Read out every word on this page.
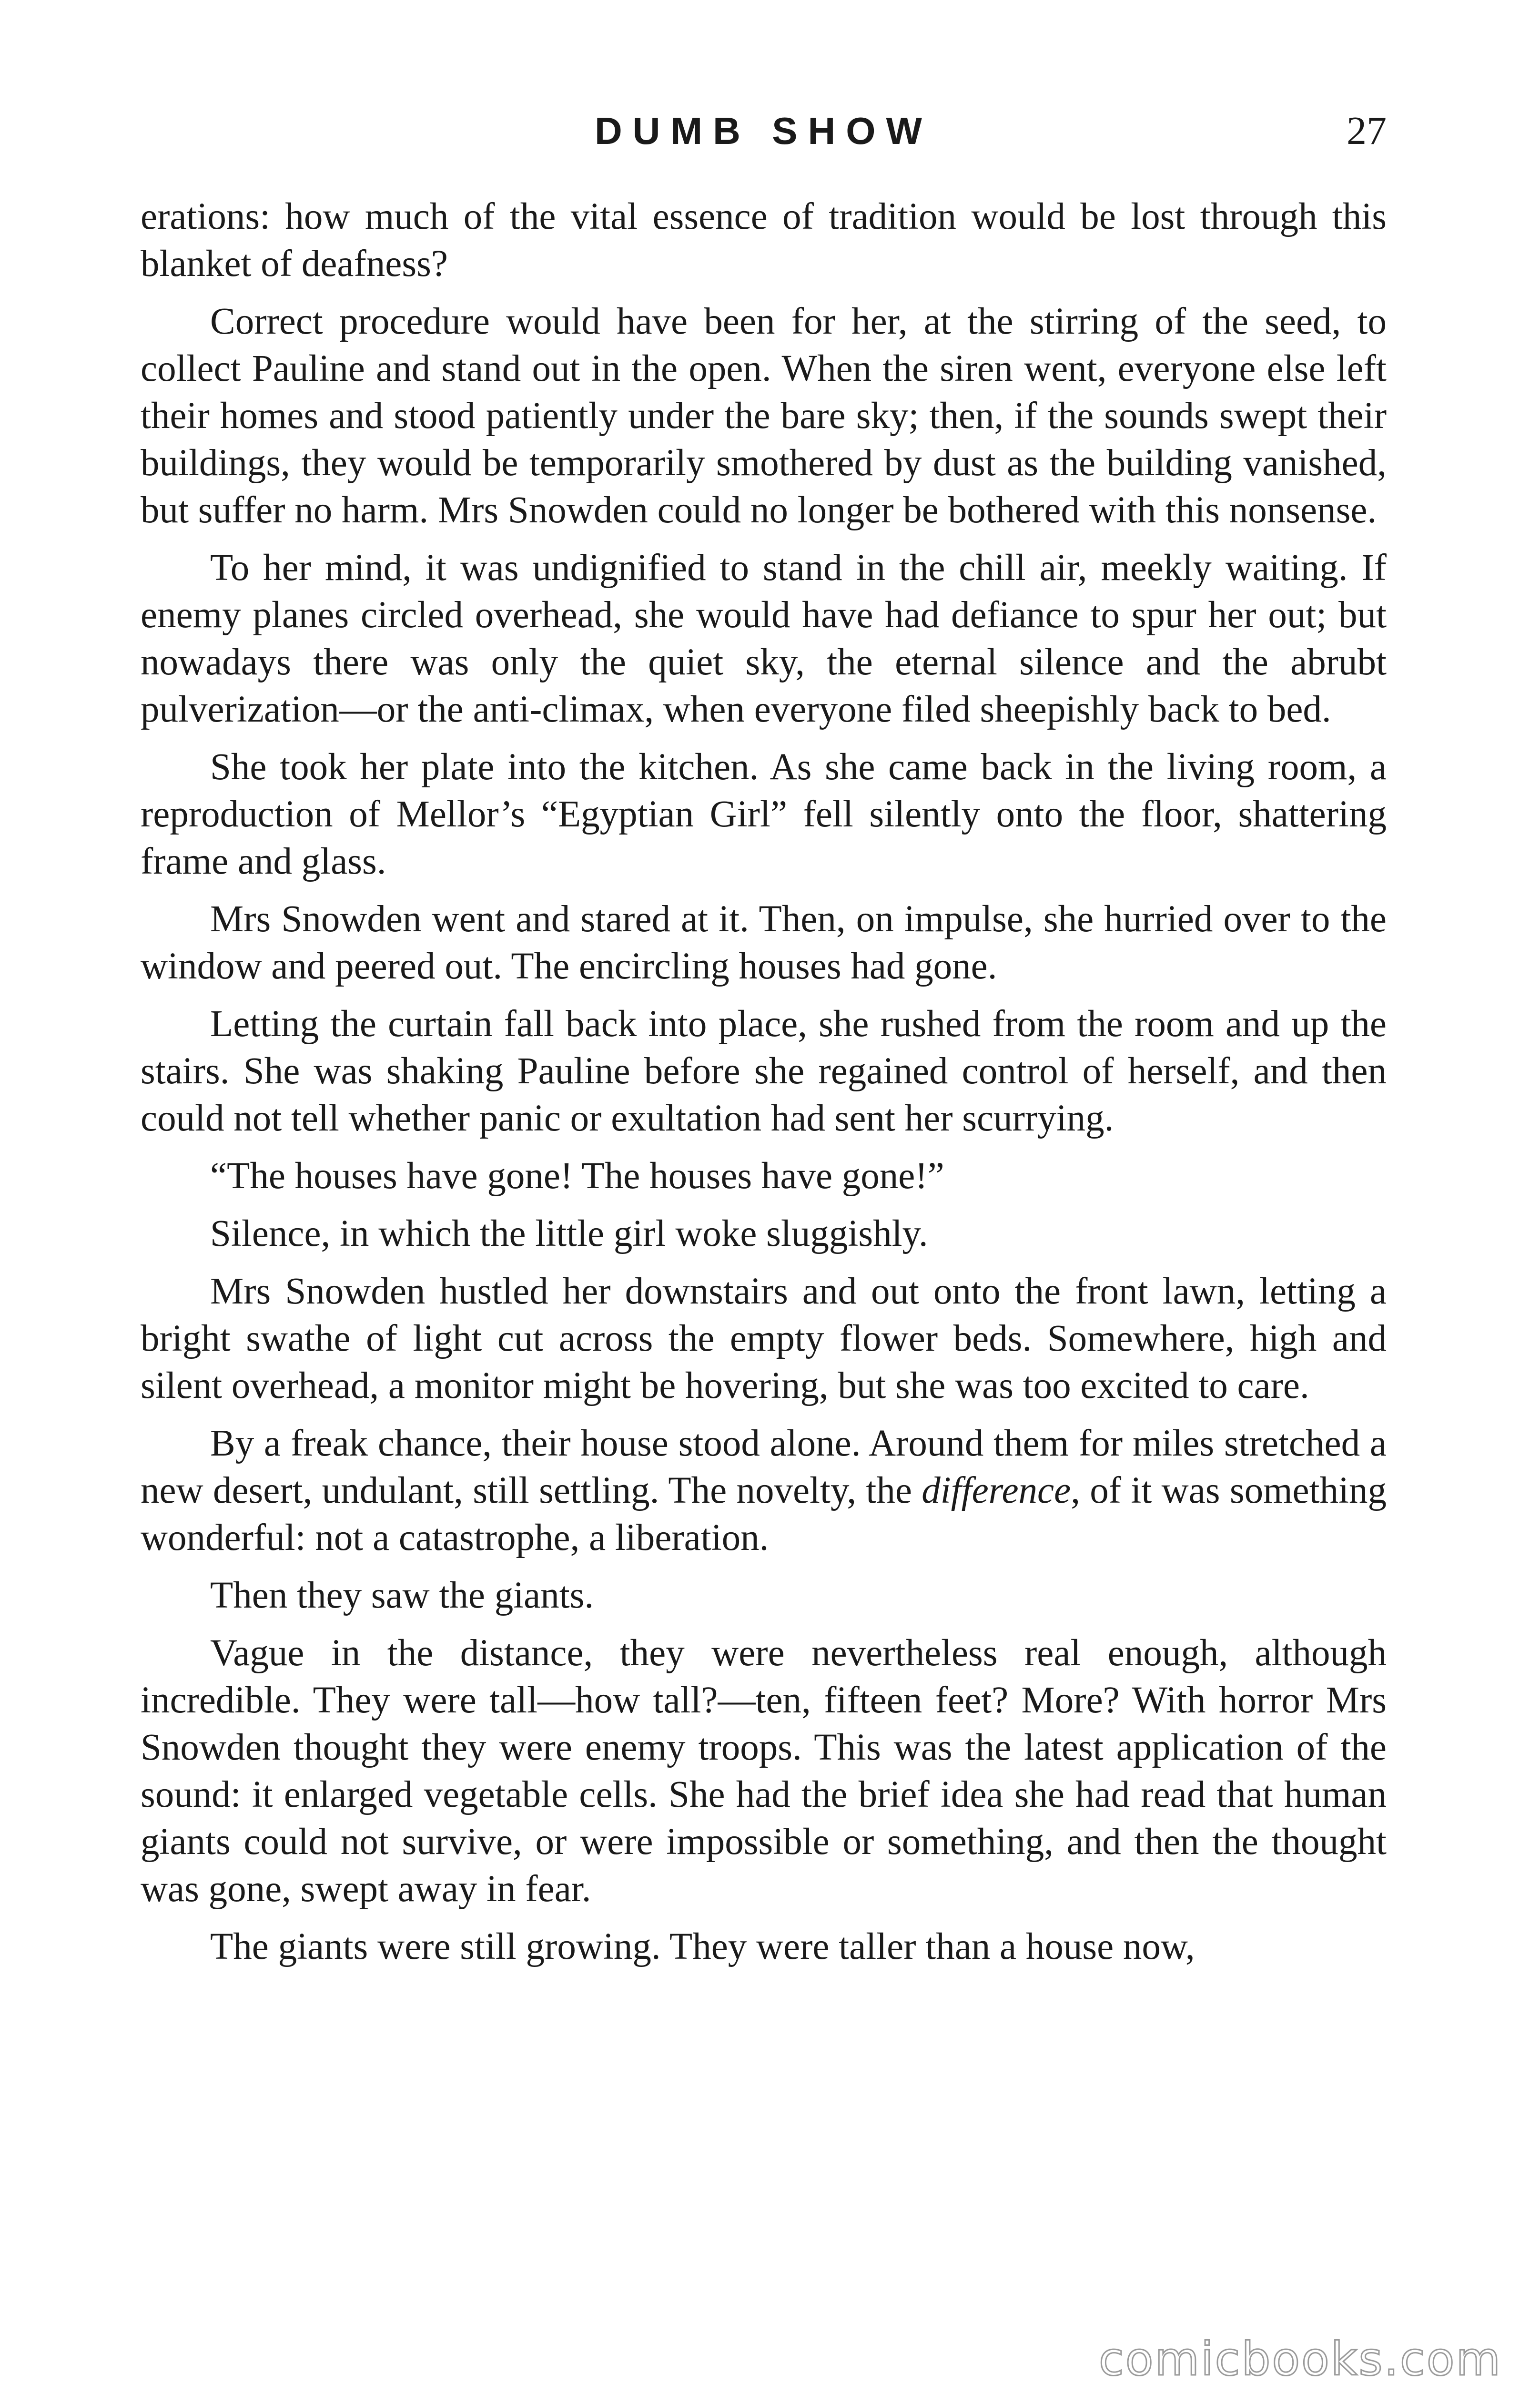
DUMB SHOW	27

erations: how much of the vital essence of tradition would be lost through this blanket of deafness?

Correct procedure would have been for her, at the stirring of the seed, to collect Pauline and stand out in the open. When the siren went, everyone else left their homes and stood patiently under the bare sky; then, if the sounds swept their buildings, they would be temporarily smothered by dust as the building vanished, but suffer no harm. Mrs Snowden could no longer be bothered with this nonsense.

To her mind, it was undignified to stand in the chill air, meekly waiting. If enemy planes circled overhead, she would have had defiance to spur her out; but nowadays there was only the quiet sky, the eternal silence and the abrubt pulverization—or the anti-climax, when everyone filed sheepishly back to bed.

She took her plate into the kitchen. As she came back in the living room, a reproduction of Mellor’s “Egyptian Girl” fell silently onto the floor, shattering frame and glass.

Mrs Snowden went and stared at it. Then, on impulse, she hurried over to the window and peered out. The encircling houses had gone.

Letting the curtain fall back into place, she rushed from the room and up the stairs. She was shaking Pauline before she regained control of herself, and then could not tell whether panic or exultation had sent her scurrying.

“The houses have gone! The houses have gone!”

Silence, in which the little girl woke sluggishly.

Mrs Snowden hustled her downstairs and out onto the front lawn, letting a bright swathe of light cut across the empty flower beds. Somewhere, high and silent overhead, a monitor might be hovering, but she was too excited to care.

By a freak chance, their house stood alone. Around them for miles stretched a new desert, undulant, still settling. The novelty, the difference, of it was something wonderful: not a catastrophe, a liberation.

Then they saw the giants.

Vague in the distance, they were nevertheless real enough, although incredible. They were tall—how tall?—ten, fifteen feet? More? With horror Mrs Snowden thought they were enemy troops. This was the latest application of the sound: it enlarged vegetable cells. She had the brief idea she had read that human giants could not survive, or were impossible or something, and then the thought was gone, swept away in fear.

The giants were still growing. They were taller than a house now,

comicbooks.com
